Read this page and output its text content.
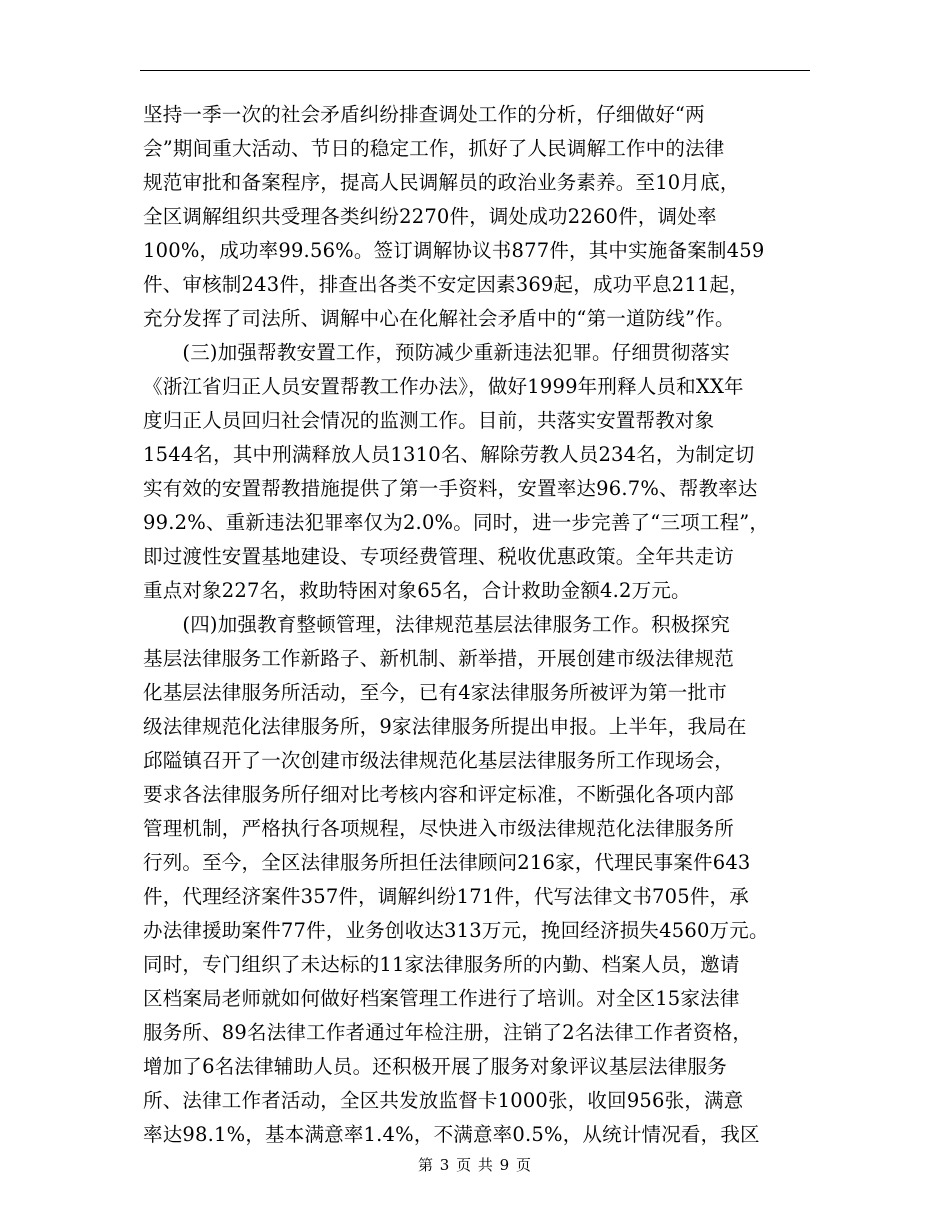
坚持一季一次的社会矛盾纠纷排查调处工作的分析，仔细做好“两
会”期间重大活动、节日的稳定工作，抓好了人民调解工作中的法律
规范审批和备案程序，提高人民调解员的政治业务素养。至10月底，
全区调解组织共受理各类纠纷2270件，调处成功2260件，调处率
100%，成功率99.56%。签订调解协议书877件，其中实施备案制459
件、审核制243件，排查出各类不安定因素369起，成功平息211起，
充分发挥了司法所、调解中心在化解社会矛盾中的“第一道防线”作。
　　(三)加强帮教安置工作，预防减少重新违法犯罪。仔细贯彻落实
《浙江省归正人员安置帮教工作办法》，做好1999年刑释人员和XX年
度归正人员回归社会情况的监测工作。目前，共落实安置帮教对象
1544名，其中刑满释放人员1310名、解除劳教人员234名，为制定切
实有效的安置帮教措施提供了第一手资料，安置率达96.7%、帮教率达
99.2%、重新违法犯罪率仅为2.0%。同时，进一步完善了“三项工程”，
即过渡性安置基地建设、专项经费管理、税收优惠政策。全年共走访
重点对象227名，救助特困对象65名，合计救助金额4.2万元。
　　(四)加强教育整顿管理，法律规范基层法律服务工作。积极探究
基层法律服务工作新路子、新机制、新举措，开展创建市级法律规范
化基层法律服务所活动，至今，已有4家法律服务所被评为第一批市
级法律规范化法律服务所，9家法律服务所提出申报。上半年，我局在
邱隘镇召开了一次创建市级法律规范化基层法律服务所工作现场会，
要求各法律服务所仔细对比考核内容和评定标准，不断强化各项内部
管理机制，严格执行各项规程，尽快进入市级法律规范化法律服务所
行列。至今，全区法律服务所担任法律顾问216家，代理民事案件643
件，代理经济案件357件，调解纠纷171件，代写法律文书705件，承
办法律援助案件77件，业务创收达313万元，挽回经济损失4560万元。
同时，专门组织了未达标的11家法律服务所的内勤、档案人员，邀请
区档案局老师就如何做好档案管理工作进行了培训。对全区15家法律
服务所、89名法律工作者通过年检注册，注销了2名法律工作者资格，
增加了6名法律辅助人员。还积极开展了服务对象评议基层法律服务
所、法律工作者活动，全区共发放监督卡1000张，收回956张，满意
率达98.1%，基本满意率1.4%，不满意率0.5%，从统计情况看，我区
第 3 页 共 9 页
